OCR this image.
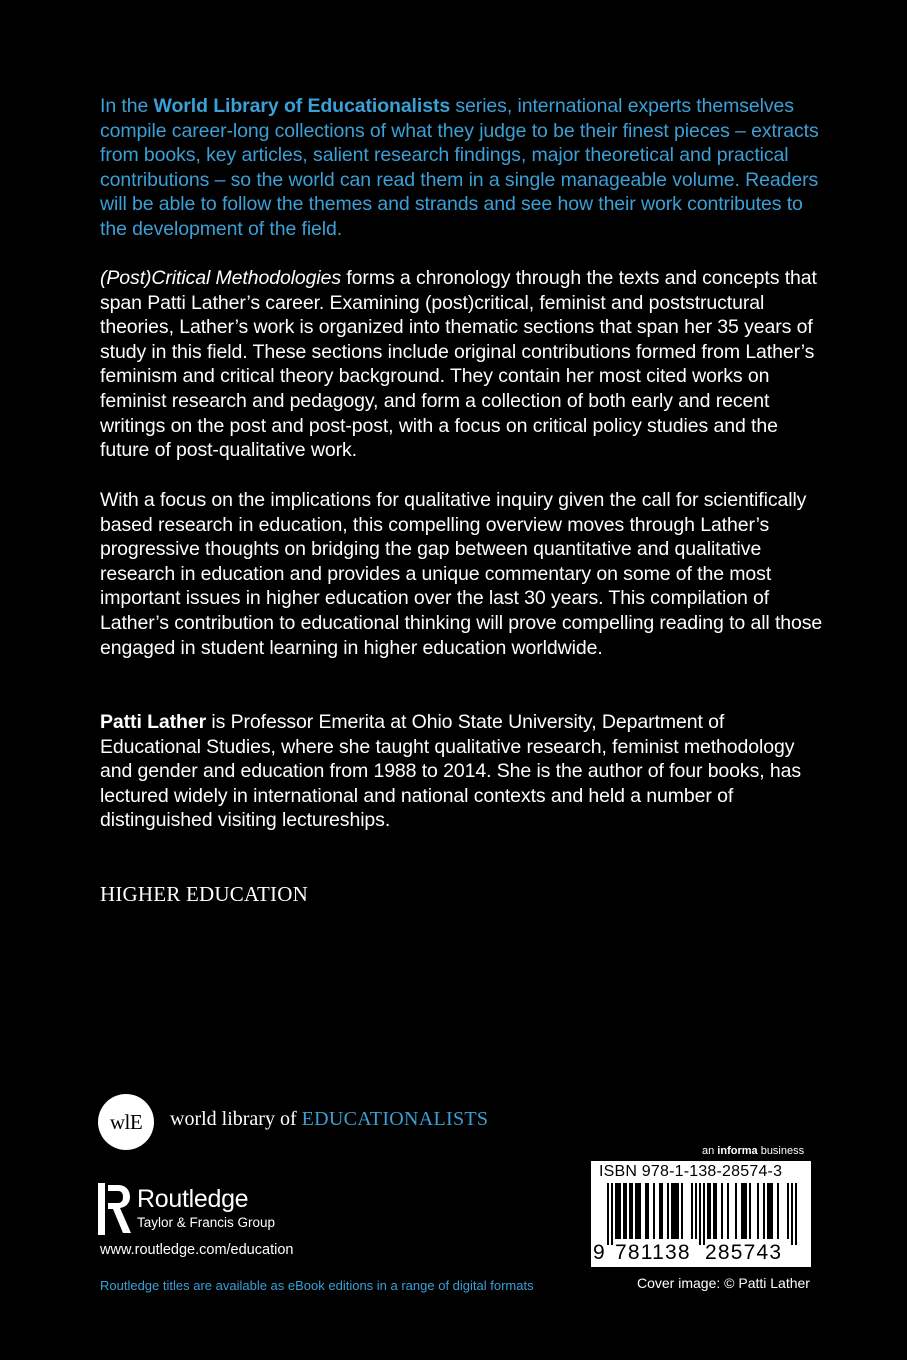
In the World Library of Educationalists series, international experts themselves compile career-long collections of what they judge to be their finest pieces – extracts from books, key articles, salient research findings, major theoretical and practical contributions – so the world can read them in a single manageable volume. Readers will be able to follow the themes and strands and see how their work contributes to the development of the field.

(Post)Critical Methodologies forms a chronology through the texts and concepts that span Patti Lather’s career. Examining (post)critical, feminist and poststructural theories, Lather’s work is organized into thematic sections that span her 35 years of study in this field. These sections include original contributions formed from Lather’s feminism and critical theory background. They contain her most cited works on feminist research and pedagogy, and form a collection of both early and recent writings on the post and post-post, with a focus on critical policy studies and the future of post-qualitative work.

With a focus on the implications for qualitative inquiry given the call for scientifically based research in education, this compelling overview moves through Lather’s progressive thoughts on bridging the gap between quantitative and qualitative research in education and provides a unique commentary on some of the most important issues in higher education over the last 30 years. This compilation of Lather’s contribution to educational thinking will prove compelling reading to all those engaged in student learning in higher education worldwide.

Patti Lather is Professor Emerita at Ohio State University, Department of Educational Studies, where she taught qualitative research, feminist methodology and gender and education from 1988 to 2014. She is the author of four books, has lectured widely in international and national contexts and held a number of distinguished visiting lectureships.

HIGHER EDUCATION

wlE world library of EDUCATIONALISTS
Routledge
Taylor & Francis Group
www.routledge.com/education
Routledge titles are available as eBook editions in a range of digital formats
an informa business
ISBN 978-1-138-28574-3
9 781138 285743
Cover image: © Patti Lather
